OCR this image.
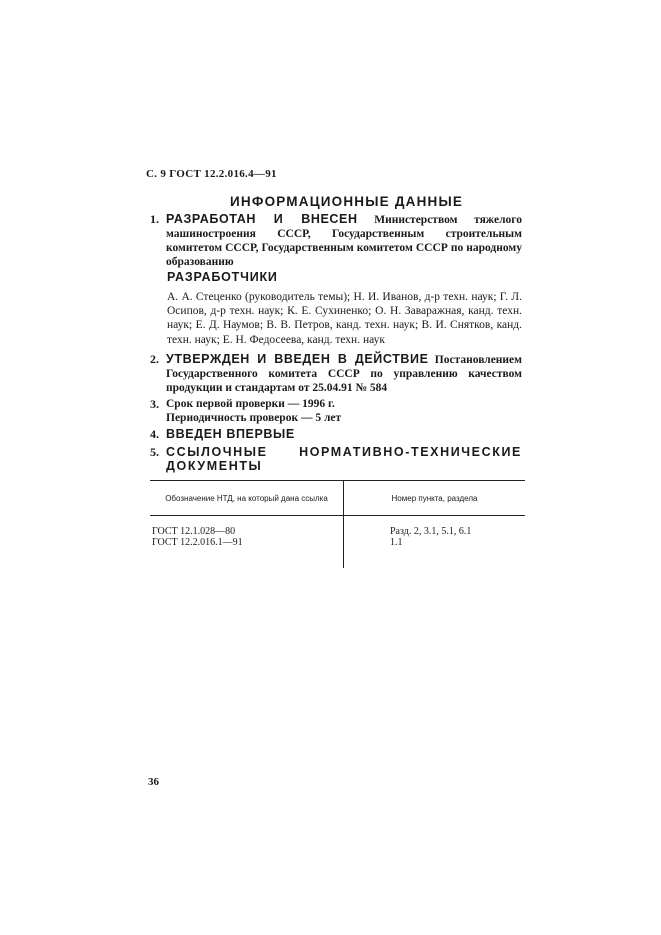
С. 9 ГОСТ 12.2.016.4—91

ИНФОРМАЦИОННЫЕ ДАННЫЕ

1. РАЗРАБОТАН И ВНЕСЕН Министерством тяжелого машиностроения СССР, Государственным строительным комитетом СССР, Государственным комитетом СССР по народному образованию

РАЗРАБОТЧИКИ

А. А. Стеценко (руководитель темы); Н. И. Иванов, д-р техн. наук; Г. Л. Осипов, д-р техн. наук; К. Е. Сухиненко; О. Н. Заваражная, канд. техн. наук; Е. Д. Наумов; В. В. Петров, канд. техн. наук; В. И. Снятков, канд. техн. наук; Е. Н. Федосеева, канд. техн. наук

2. УТВЕРЖДЕН И ВВЕДЕН В ДЕЙСТВИЕ Постановлением Государственного комитета СССР по управлению качеством продукции и стандартам от 25.04.91 № 584
3. Срок первой проверки — 1996 г.
Периодичность проверок — 5 лет
4. ВВЕДЕН ВПЕРВЫЕ
5. ССЫЛОЧНЫЕ НОРМАТИВНО-ТЕХНИЧЕСКИЕ ДОКУМЕНТЫ
Обозначение НТД, на который дана ссылка	Номер пункта, раздела
ГОСТ 12.1.028—80	Разд. 2, 3.1, 5.1, 6.1
ГОСТ 12.2.016.1—91	1.1

36
